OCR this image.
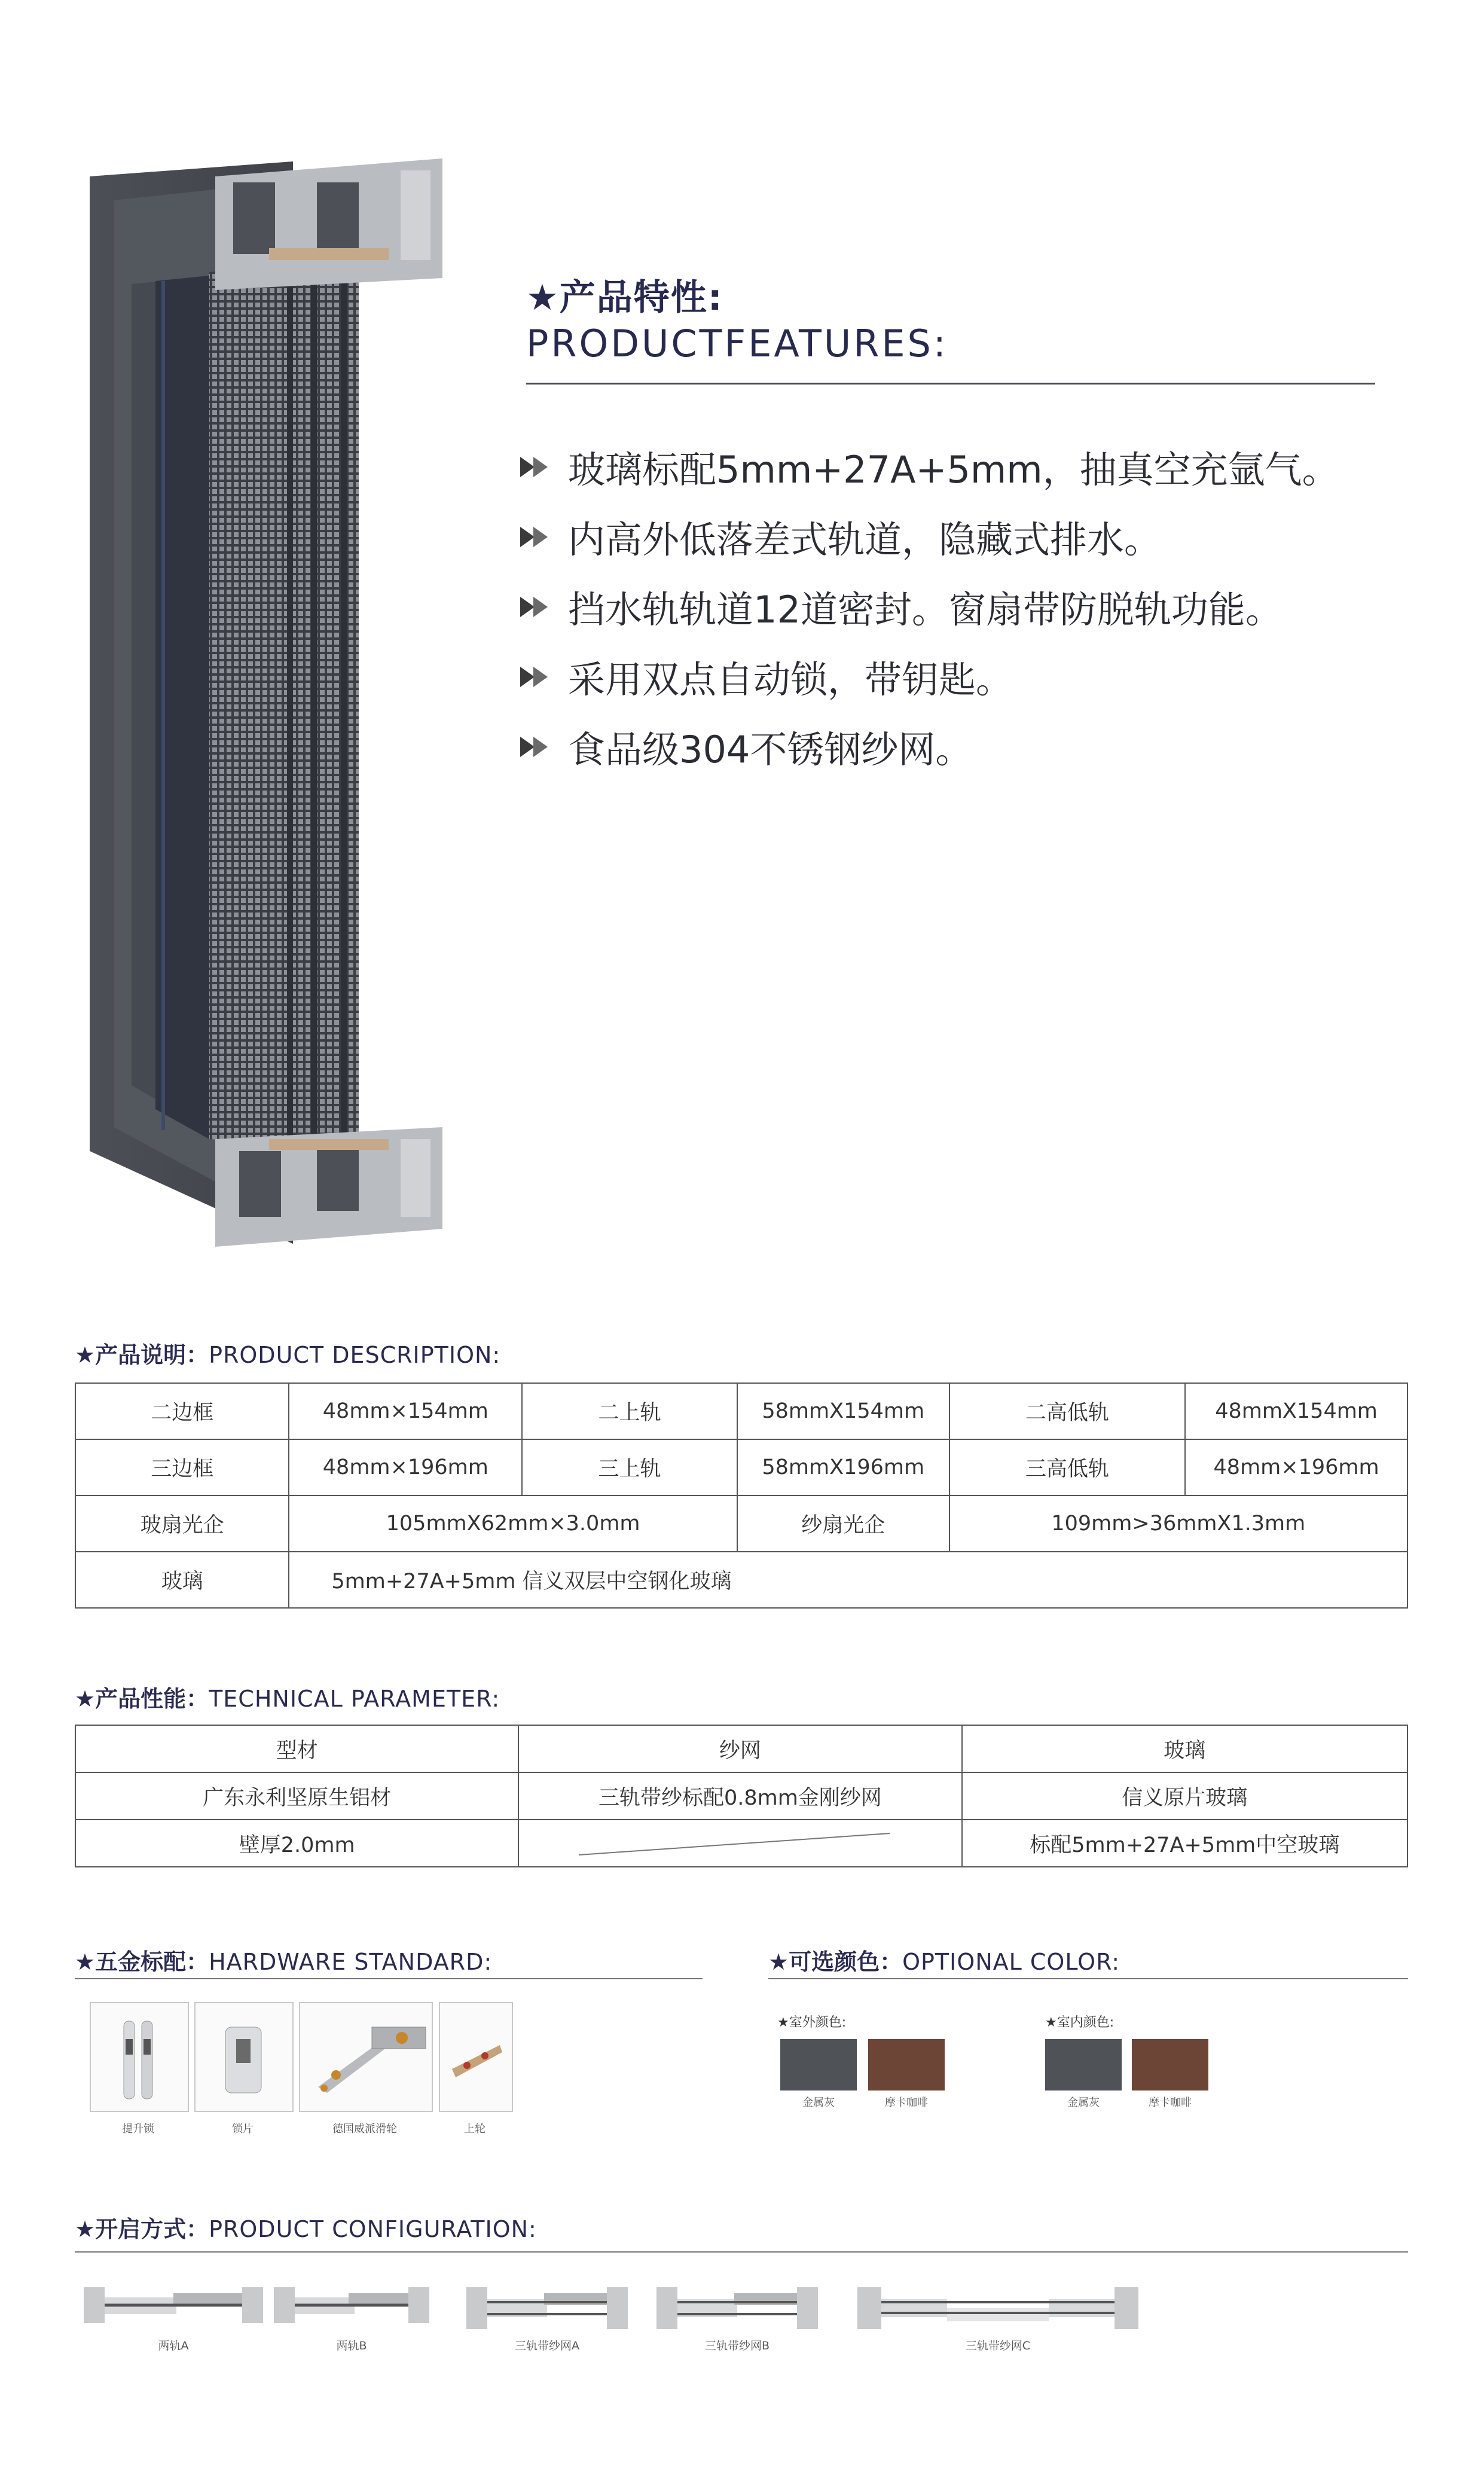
★产品特性:
PRODUCTFEATURES:
玻璃标配5mm+27A+5mm，抽真空充氩气。
内高外低落差式轨道，隐藏式排水。
挡水轨轨道12道密封。窗扇带防脱轨功能。
采用双点自动锁，带钥匙。
食品级304不锈钢纱网。
★产品说明：PRODUCT DESCRIPTION:
二边框	48mm×154mm	二上轨	58mmX154mm	二高低轨	48mmX154mm
三边框	48mm×196mm	三上轨	58mmX196mm	三高低轨	48mm×196mm
玻扇光企	105mmX62mm×3.0mm		纱扇光企	109mm>36mmX1.3mm	
玻璃	5mm+27A+5mm 信义双层中空钢化玻璃				
★产品性能：TECHNICAL PARAMETER:
型材	纱网	玻璃
广东永利坚原生铝材	三轨带纱标配0.8mm金刚纱网	信义原片玻璃
壁厚2.0mm		标配5mm+27A+5mm中空玻璃
★五金标配：HARDWARE STANDARD:
提升锁	锁片	德国威派滑轮	上轮
★可选颜色：OPTIONAL COLOR:
★室外颜色:	★室内颜色:
金属灰	摩卡咖啡	金属灰	摩卡咖啡
★开启方式：PRODUCT CONFIGURATION:
两轨A	两轨B	三轨带纱网A	三轨带纱网B	三轨带纱网C
